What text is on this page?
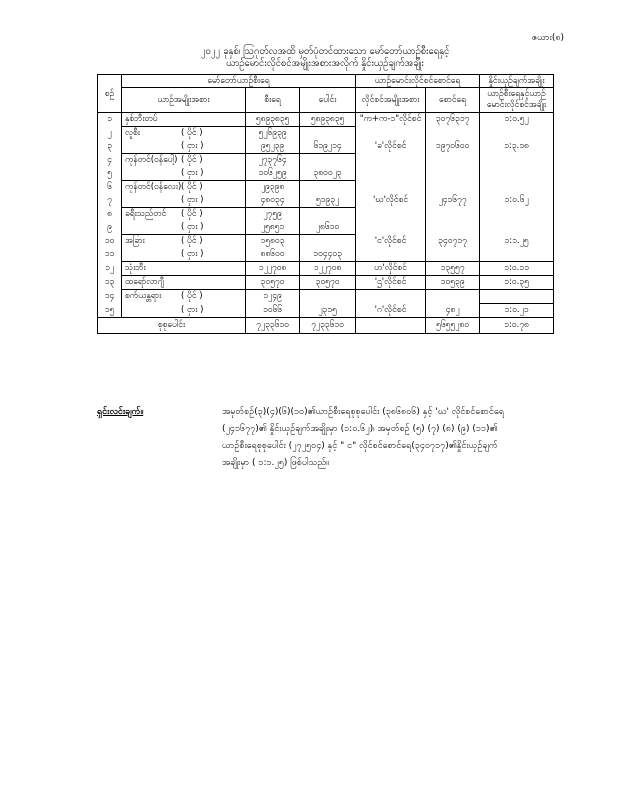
ဇယား(၈)
၂၀၂၂ ခုနှစ်၊ ဩဂုတ်လအထိ မှတ်ပုံတင်ထားသော မော်တော်ယာဉ်စီးရေနှင့်
ယာဉ်မောင်းလိုင်စင်အမျိုးအစားအလိုက် နှိုင်းယှဉ်ချက်အချိုး
စဉ်	မော်တော်ယာဉ်စီးရေ			ယာဉ်မောင်းလိုင်စင်စောင်ရေ		နှိုင်းယှဉ်ချက်အချိုး
	ယာဉ်အမျိုးအစား	စီးရေ	ပေါင်း	လိုင်စင်အမျိုးအစား	စောင်ရေ	ယာဉ်စီးရေနှင့်ယာဉ် မောင်းလိုင်စင်အချိုး
၁	နှစ်ဘီးတပ်	၅၈၉၃၈၃၅	၅၈၉၃၈၃၅	"က+က-၁"လိုင်စင်	၃၀၇၆၃၁၇	၁:၀.၅၂
၂	လူစီး ( ပိုင် )	၅၂၆၉၃၉				
၃	( ငှား )	၉၅၂၃၉	၆၁၉၂၁၄	'ခ'လိုင်စင်	၁၉၇၀၆၀၀	၁:၃.၁၈
၄	ကုန်တင်(ဝန်ပေါ့) ( ပိုင် )	၂၇၃၇၆၄				
၅	( ငှား )	၁၀၆၂၅၉	၃၈၀၀၂၃			
၆	ကုန်တင်(ဝန်လေး)( ပိုင် )	၂၉၃၉၈				
၇	( ငှား )	၄၈၀၃၄	၅၁၉၃၂	'ဃ'လိုင်စင်	၂၄၁၆၇၇	၁:၀.၆၂
၈	ခရီးသည်တင် ( ပိုင် )	၂၇၅၉				
၉	( ငှား )	၂၅၈၅၁	၂၈၆၁၀			
၁၀	အခြား ( ပိုင် )	၁၅၈၀၃		'င'လိုင်စင်	၃၄၀၇၁၇	၁:၁.၂၅
၁၁	( ငှား )	၈၈၆၀၀	၁၀၄၄၀၃			
၁၂	သုံးဘီး	၁၂၂၇၀၈	၁၂၂၇၀၈	ဟ'လိုင်စင်	၁၃၅၅၇	၁:၀.၁၁
၁၃	ထရော်လာဂျီ	၃၀၅၇၀	၃၀၅၇၀	'ဌ'လိုင်စင်	၁၀၅၃၉	၁:၀.၃၅
၁၄	စက်ယန္တရား ( ပိုင် )	၁၂၄၉				
၁၅	( ငှား )	၁၀၆၆	၂၃၁၅	'ဂ'လိုင်စင်	၄၈၂	၁:၀.၂၁
စုစုပေါင်း		၇၂၃၃၆၁၀	၇၂၃၃၆၁၀		၅၆၅၅၂၈၀	၁:၀.၇၈
ရှင်းလင်းချက်။	အမှတ်စဉ်(၃)(၄)(၆)(၁၀)၏ယာဉ်စီးရေစုစုပေါင်း (၃၈၆၈၀၆) နှင့် 'ဃ' လိုင်စင်စောင်ရေ
(၂၄၁၆၇၇)၏ နှိုင်းယှဉ်ချက်အချိုးမှာ (၁:၀.၆၂)၊ အမှတ်စဉ် (၅) (၇) (၈) (၉) (၁၁)၏
ယာဉ်စီးရေစုစုပေါင်း (၂၇၂၅၀၄) နှင့် " င" လိုင်စင်စောင်ရေ(၃၄၀၇၁၇)၏နှိုင်းယှဉ်ချက်
အချိုးမှာ ( ၁:၁.၂၅) ဖြစ်ပါသည်။
